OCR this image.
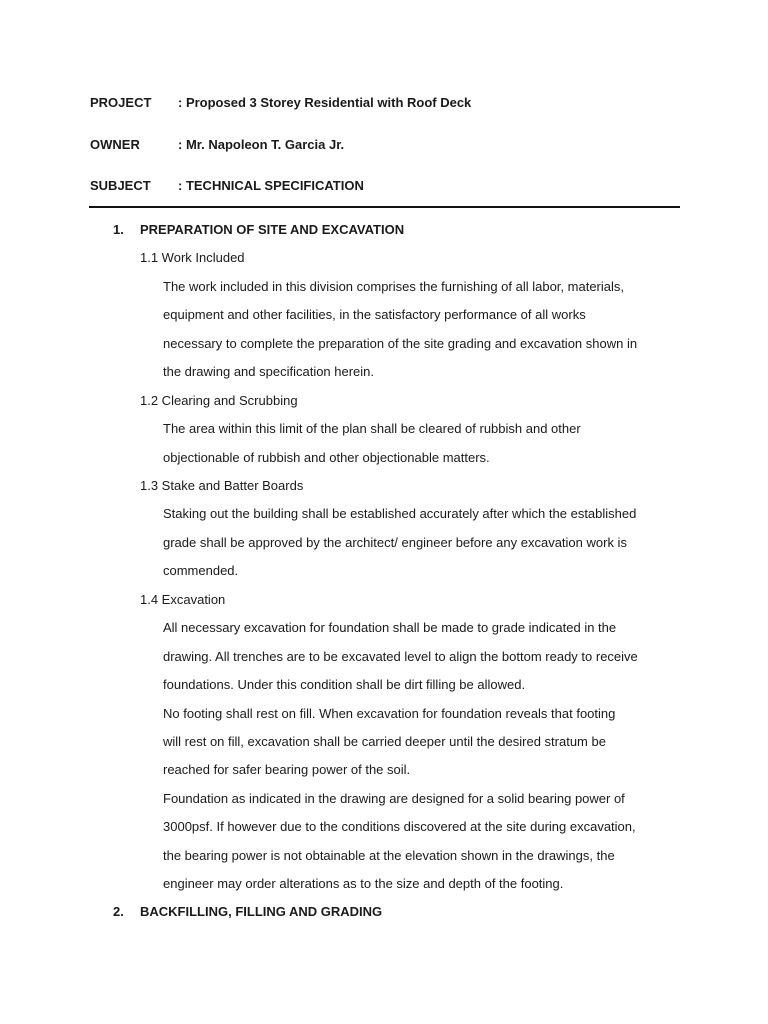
PROJECT : Proposed 3 Storey Residential with Roof Deck
OWNER	: Mr. Napoleon T. Garcia Jr.
SUBJECT : TECHNICAL SPECIFICATION
1. PREPARATION OF SITE AND EXCAVATION
1.1 Work Included
The work included in this division comprises the furnishing of all labor, materials,
equipment and other facilities, in the satisfactory performance of all works
necessary to complete the preparation of the site grading and excavation shown in
the drawing and specification herein.
1.2 Clearing and Scrubbing
The area within this limit of the plan shall be cleared of rubbish and other
objectionable of rubbish and other objectionable matters.
1.3 Stake and Batter Boards
Staking out the building shall be established accurately after which the established
grade shall be approved by the architect/ engineer before any excavation work is
commended.
1.4 Excavation
All necessary excavation for foundation shall be made to grade indicated in the
drawing. All trenches are to be excavated level to align the bottom ready to receive
foundations. Under this condition shall be dirt filling be allowed.
No footing shall rest on fill. When excavation for foundation reveals that footing
will rest on fill, excavation shall be carried deeper until the desired stratum be
reached for safer bearing power of the soil.
Foundation as indicated in the drawing are designed for a solid bearing power of
3000psf. If however due to the conditions discovered at the site during excavation,
the bearing power is not obtainable at the elevation shown in the drawings, the
engineer may order alterations as to the size and depth of the footing.
2. BACKFILLING, FILLING AND GRADING
